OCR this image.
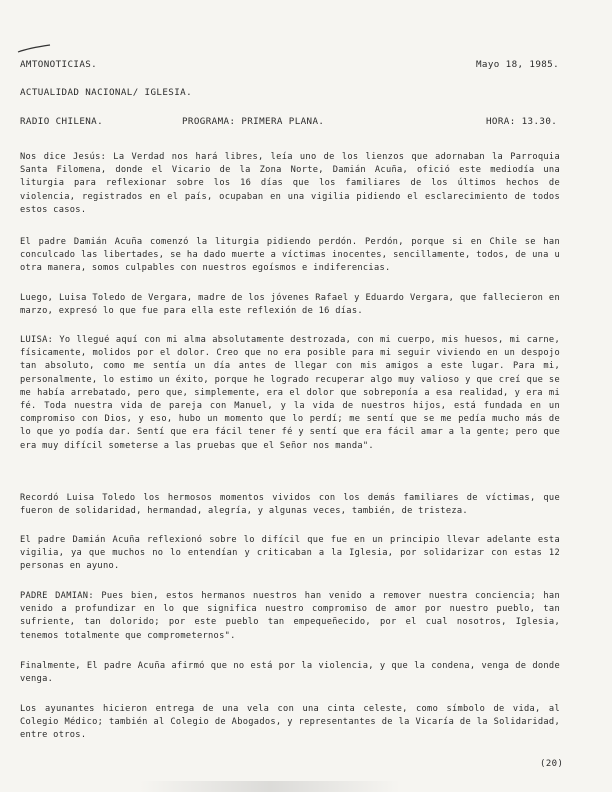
AMTONOTICIAS.	Mayo 18, 1985.
ACTUALIDAD NACIONAL/ IGLESIA.
RADIO CHILENA.	PROGRAMA: PRIMERA PLANA.	HORA: 13.30.

Nos dice Jesús: La Verdad nos hará libres, leía uno de los lienzos que adornaban la Parroquia Santa Filomena, donde el Vicario de la Zona Norte, Damián Acuña, ofició este mediodía una liturgia para reflexionar sobre los 16 días que los familiares de los últimos hechos de violencia, registrados en el país, ocupaban en una vigilia pidiendo el esclarecimiento de todos estos casos.

El padre Damián Acuña comenzó la liturgia pidiendo perdón. Perdón, porque si en Chile se han conculcado las libertades, se ha dado muerte a víctimas inocentes, sencillamente, todos, de una u otra manera, somos culpables con nuestros egoísmos e indiferencias.

Luego, Luisa Toledo de Vergara, madre de los jóvenes Rafael y Eduardo Vergara, que fallecieron en marzo, expresó lo que fue para ella este reflexión de 16 días.

LUISA: Yo llegué aquí con mi alma absolutamente destrozada, con mi cuerpo, mis huesos, mi carne, físicamente, molidos por el dolor. Creo que no era posible para mi seguir viviendo en un despojo tan absoluto, como me sentía un día antes de llegar con mis amigos a este lugar. Para mi, personalmente, lo estimo un éxito, porque he logrado recuperar algo muy valioso y que creí que se me había arrebatado, pero que, simplemente, era el dolor que sobreponía a esa realidad, y era mi fé. Toda nuestra vida de pareja con Manuel, y la vida de nuestros hijos, está fundada en un compromiso con Dios, y eso, hubo un momento que lo perdí; me sentí que se me pedía mucho más de lo que yo podía dar. Sentí que era fácil tener fé y sentí que era fácil amar a la gente; pero que era muy difícil someterse a las pruebas que el Señor nos manda".

Recordó Luisa Toledo los hermosos momentos vividos con los demás familiares de víctimas, que fueron de solidaridad, hermandad, alegría, y algunas veces, también, de tristeza.

El padre Damián Acuña reflexionó sobre lo difícil que fue en un principio llevar adelante esta vigilia, ya que muchos no lo entendían y criticaban a la Iglesia, por solidarizar con estas 12 personas en ayuno.

PADRE DAMIAN: Pues bien, estos hermanos nuestros han venido a remover nuestra conciencia; han venido a profundizar en lo que significa nuestro compromiso de amor por nuestro pueblo, tan sufriente, tan dolorido; por este pueblo tan empequeñecido, por el cual nosotros, Iglesia, tenemos totalmente que comprometernos".

Finalmente, El padre Acuña afirmó que no está por la violencia, y que la condena, venga de donde venga.

Los ayunantes hicieron entrega de una vela con una cinta celeste, como símbolo de vida, al Colegio Médico; también al Colegio de Abogados, y representantes de la Vicaría de la Solidaridad, entre otros.

(20)
